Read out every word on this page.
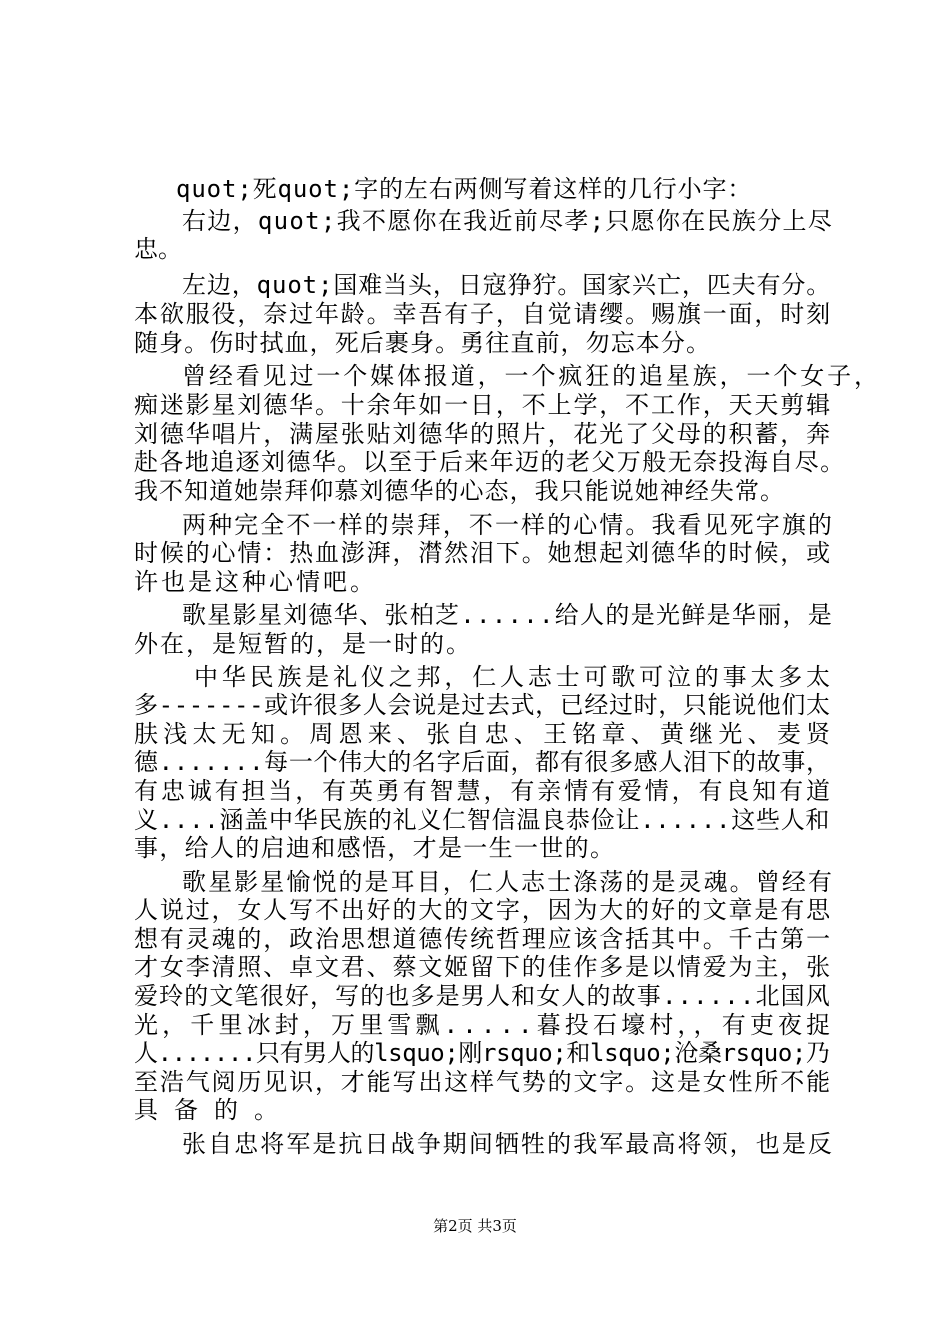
quot;死quot;字的左右两侧写着这样的几行小字：
右边，quot;我不愿你在我近前尽孝;只愿你在民族分上尽
忠。
左边，quot;国难当头，日寇狰狞。国家兴亡，匹夫有分。
本欲服役，奈过年龄。幸吾有子，自觉请缨。赐旗一面，时刻
随身。伤时拭血，死后裹身。勇往直前，勿忘本分。
曾经看见过一个媒体报道，一个疯狂的追星族，一个女子，
痴迷影星刘德华。十余年如一日，不上学，不工作，天天剪辑
刘德华唱片，满屋张贴刘德华的照片，花光了父母的积蓄，奔
赴各地追逐刘德华。以至于后来年迈的老父万般无奈投海自尽。
我不知道她崇拜仰慕刘德华的心态，我只能说她神经失常。
两种完全不一样的崇拜，不一样的心情。我看见死字旗的
时候的心情：热血澎湃，潸然泪下。她想起刘德华的时候，或
许也是这种心情吧。
歌星影星刘德华、张柏芝......给人的是光鲜是华丽，是
外在，是短暂的，是一时的。
中华民族是礼仪之邦，仁人志士可歌可泣的事太多太
多-------或许很多人会说是过去式，已经过时，只能说他们太
肤浅太无知。周恩来、张自忠、王铭章、黄继光、麦贤
德.......每一个伟大的名字后面，都有很多感人泪下的故事，
有忠诚有担当，有英勇有智慧，有亲情有爱情，有良知有道
义....涵盖中华民族的礼义仁智信温良恭俭让......这些人和
事，给人的启迪和感悟，才是一生一世的。
歌星影星愉悦的是耳目，仁人志士涤荡的是灵魂。曾经有
人说过，女人写不出好的大的文字，因为大的好的文章是有思
想有灵魂的，政治思想道德传统哲理应该含括其中。千古第一
才女李清照、卓文君、蔡文姬留下的佳作多是以情爱为主，张
爱玲的文笔很好，写的也多是男人和女人的故事......北国风
光，千里冰封，万里雪飘.....暮投石壕村，，有吏夜捉
人.......只有男人的lsquo;刚rsquo;和lsquo;沧桑rsquo;乃
至浩气阅历见识，才能写出这样气势的文字。这是女性所不能
具备的。
张自忠将军是抗日战争期间牺牲的我军最高将领，也是反
第2页 共3页
